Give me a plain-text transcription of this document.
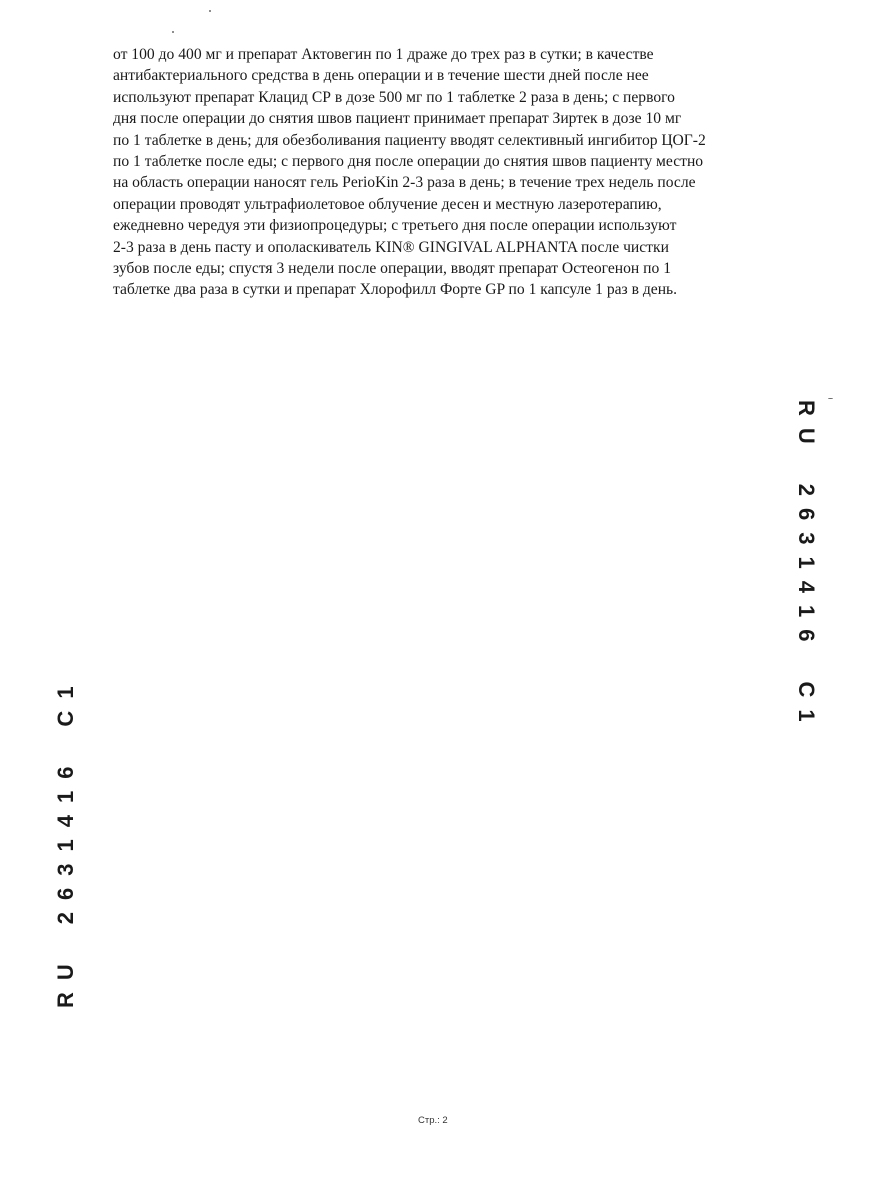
от 100 до 400 мг и препарат Актовегин по 1 драже до трех раз в сутки; в качестве
антибактериального средства в день операции и в течение шести дней после нее
используют препарат Клацид СР в дозе 500 мг по 1 таблетке 2 раза в день; с первого
дня после операции до снятия швов пациент принимает препарат Зиртек в дозе 10 мг
по 1 таблетке в день; для обезболивания пациенту вводят селективный ингибитор ЦОГ-2
по 1 таблетке после еды; с первого дня после операции до снятия швов пациенту местно
на область операции наносят гель PerioKin 2-3 раза в день; в течение трех недель после
операции проводят ультрафиолетовое облучение десен и местную лазеротерапию,
ежедневно чередуя эти физиопроцедуры; с третьего дня после операции используют
2-3 раза в день пасту и ополаскиватель KIN® GINGIVAL ALPHANTA после чистки
зубов после еды; спустя 3 недели после операции, вводят препарат Остеогенон по 1
таблетке два раза в сутки и препарат Хлорофилл Форте GP по 1 капсуле 1 раз в день.
RU2631416C1
RU2631416C1
Стр.: 2
